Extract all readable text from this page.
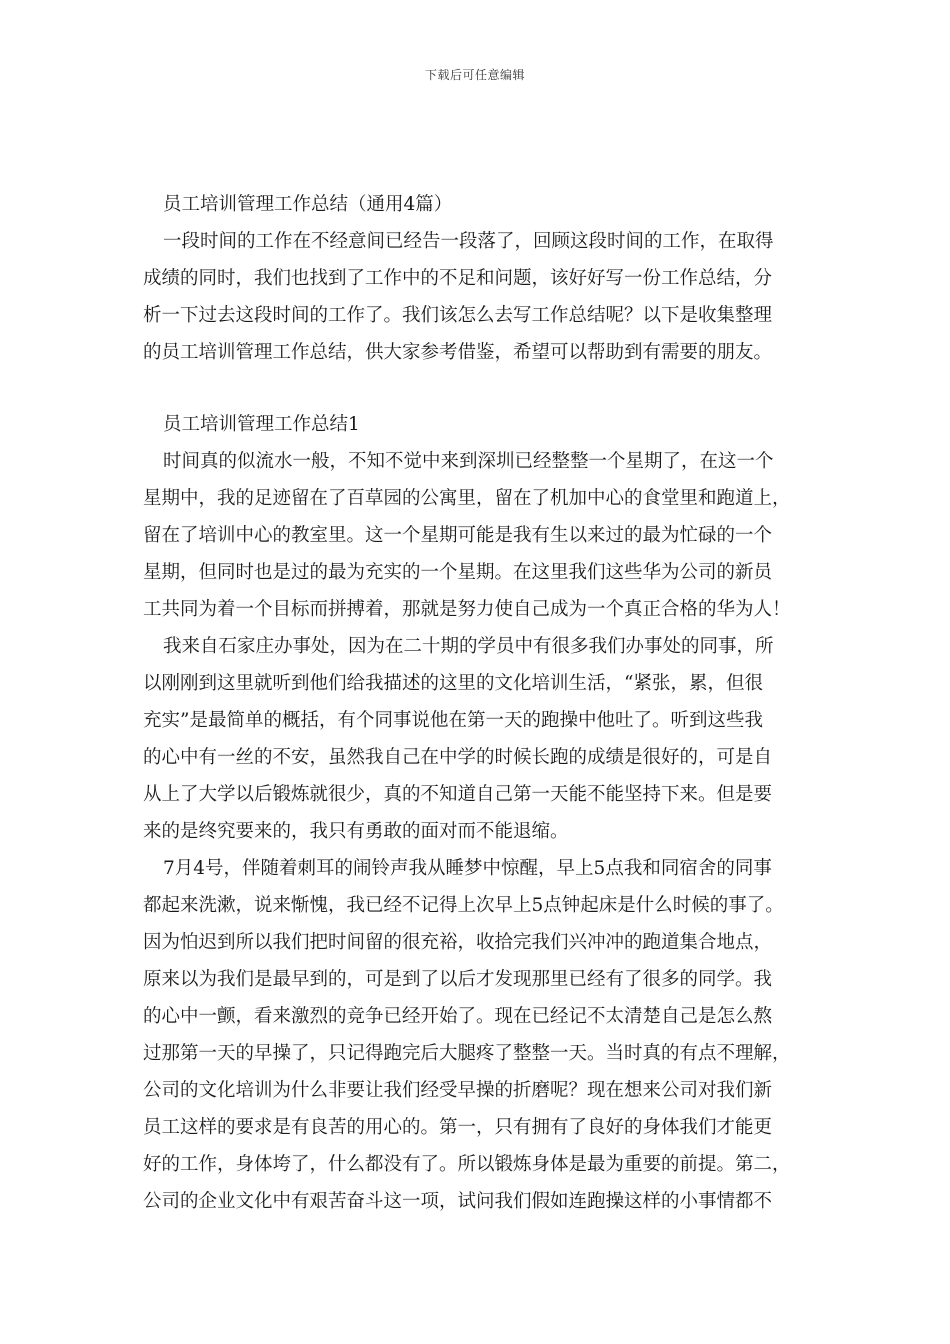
下载后可任意编辑
员工培训管理工作总结（通用4篇）
一段时间的工作在不经意间已经告一段落了，回顾这段时间的工作，在取得
成绩的同时，我们也找到了工作中的不足和问题，该好好写一份工作总结，分
析一下过去这段时间的工作了。我们该怎么去写工作总结呢？以下是收集整理
的员工培训管理工作总结，供大家参考借鉴，希望可以帮助到有需要的朋友。
员工培训管理工作总结1
时间真的似流水一般，不知不觉中来到深圳已经整整一个星期了，在这一个
星期中，我的足迹留在了百草园的公寓里，留在了机加中心的食堂里和跑道上，
留在了培训中心的教室里。这一个星期可能是我有生以来过的最为忙碌的一个
星期，但同时也是过的最为充实的一个星期。在这里我们这些华为公司的新员
工共同为着一个目标而拼搏着，那就是努力使自己成为一个真正合格的华为人！
我来自石家庄办事处，因为在二十期的学员中有很多我们办事处的同事，所
以刚刚到这里就听到他们给我描述的这里的文化培训生活，“紧张，累，但很
充实”是最简单的概括，有个同事说他在第一天的跑操中他吐了。听到这些我
的心中有一丝的不安，虽然我自己在中学的时候长跑的成绩是很好的，可是自
从上了大学以后锻炼就很少，真的不知道自己第一天能不能坚持下来。但是要
来的是终究要来的，我只有勇敢的面对而不能退缩。
7月4号，伴随着刺耳的闹铃声我从睡梦中惊醒，早上5点我和同宿舍的同事
都起来洗漱，说来惭愧，我已经不记得上次早上5点钟起床是什么时候的事了。
因为怕迟到所以我们把时间留的很充裕，收拾完我们兴冲冲的跑道集合地点，
原来以为我们是最早到的，可是到了以后才发现那里已经有了很多的同学。我
的心中一颤，看来激烈的竞争已经开始了。现在已经记不太清楚自己是怎么熬
过那第一天的早操了，只记得跑完后大腿疼了整整一天。当时真的有点不理解，
公司的文化培训为什么非要让我们经受早操的折磨呢？现在想来公司对我们新
员工这样的要求是有良苦的用心的。第一，只有拥有了良好的身体我们才能更
好的工作，身体垮了，什么都没有了。所以锻炼身体是最为重要的前提。第二，
公司的企业文化中有艰苦奋斗这一项，试问我们假如连跑操这样的小事情都不
